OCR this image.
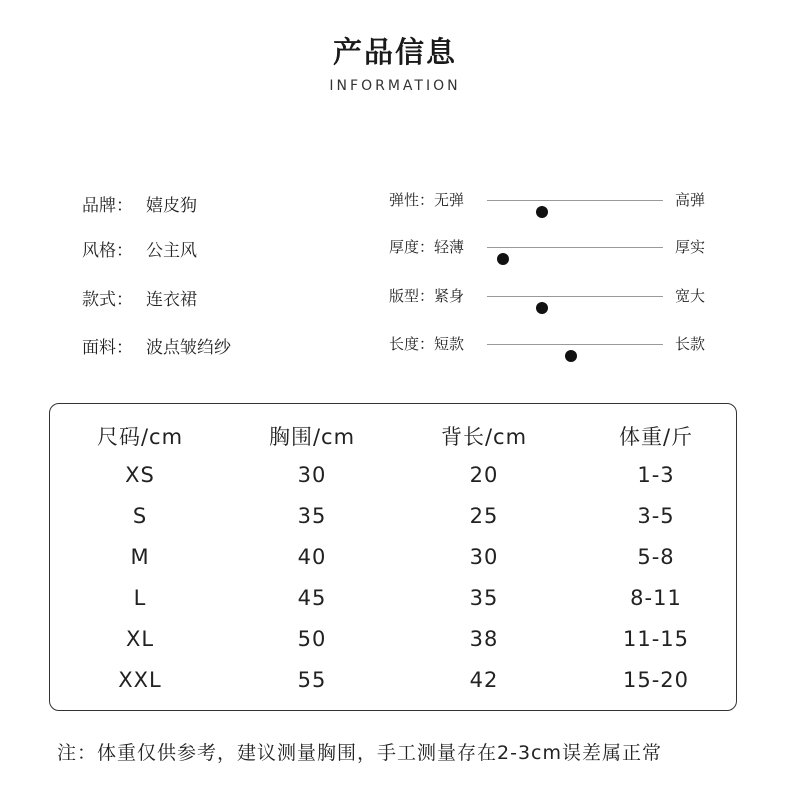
产品信息
INFORMATION
品牌： 嬉皮狗
风格： 公主风
款式： 连衣裙
面料： 波点皱绉纱
弹性：无弹	高弹
厚度：轻薄	厚实
版型：紧身	宽大
长度：短款	长款
尺码/cm	胸围/cm	背长/cm	体重/斤
XS	30	20	1-3
S	35	25	3-5
M	40	30	5-8
L	45	35	8-11
XL	50	38	11-15
XXL	55	42	15-20
注：体重仅供参考，建议测量胸围，手工测量存在2-3cm误差属正常
